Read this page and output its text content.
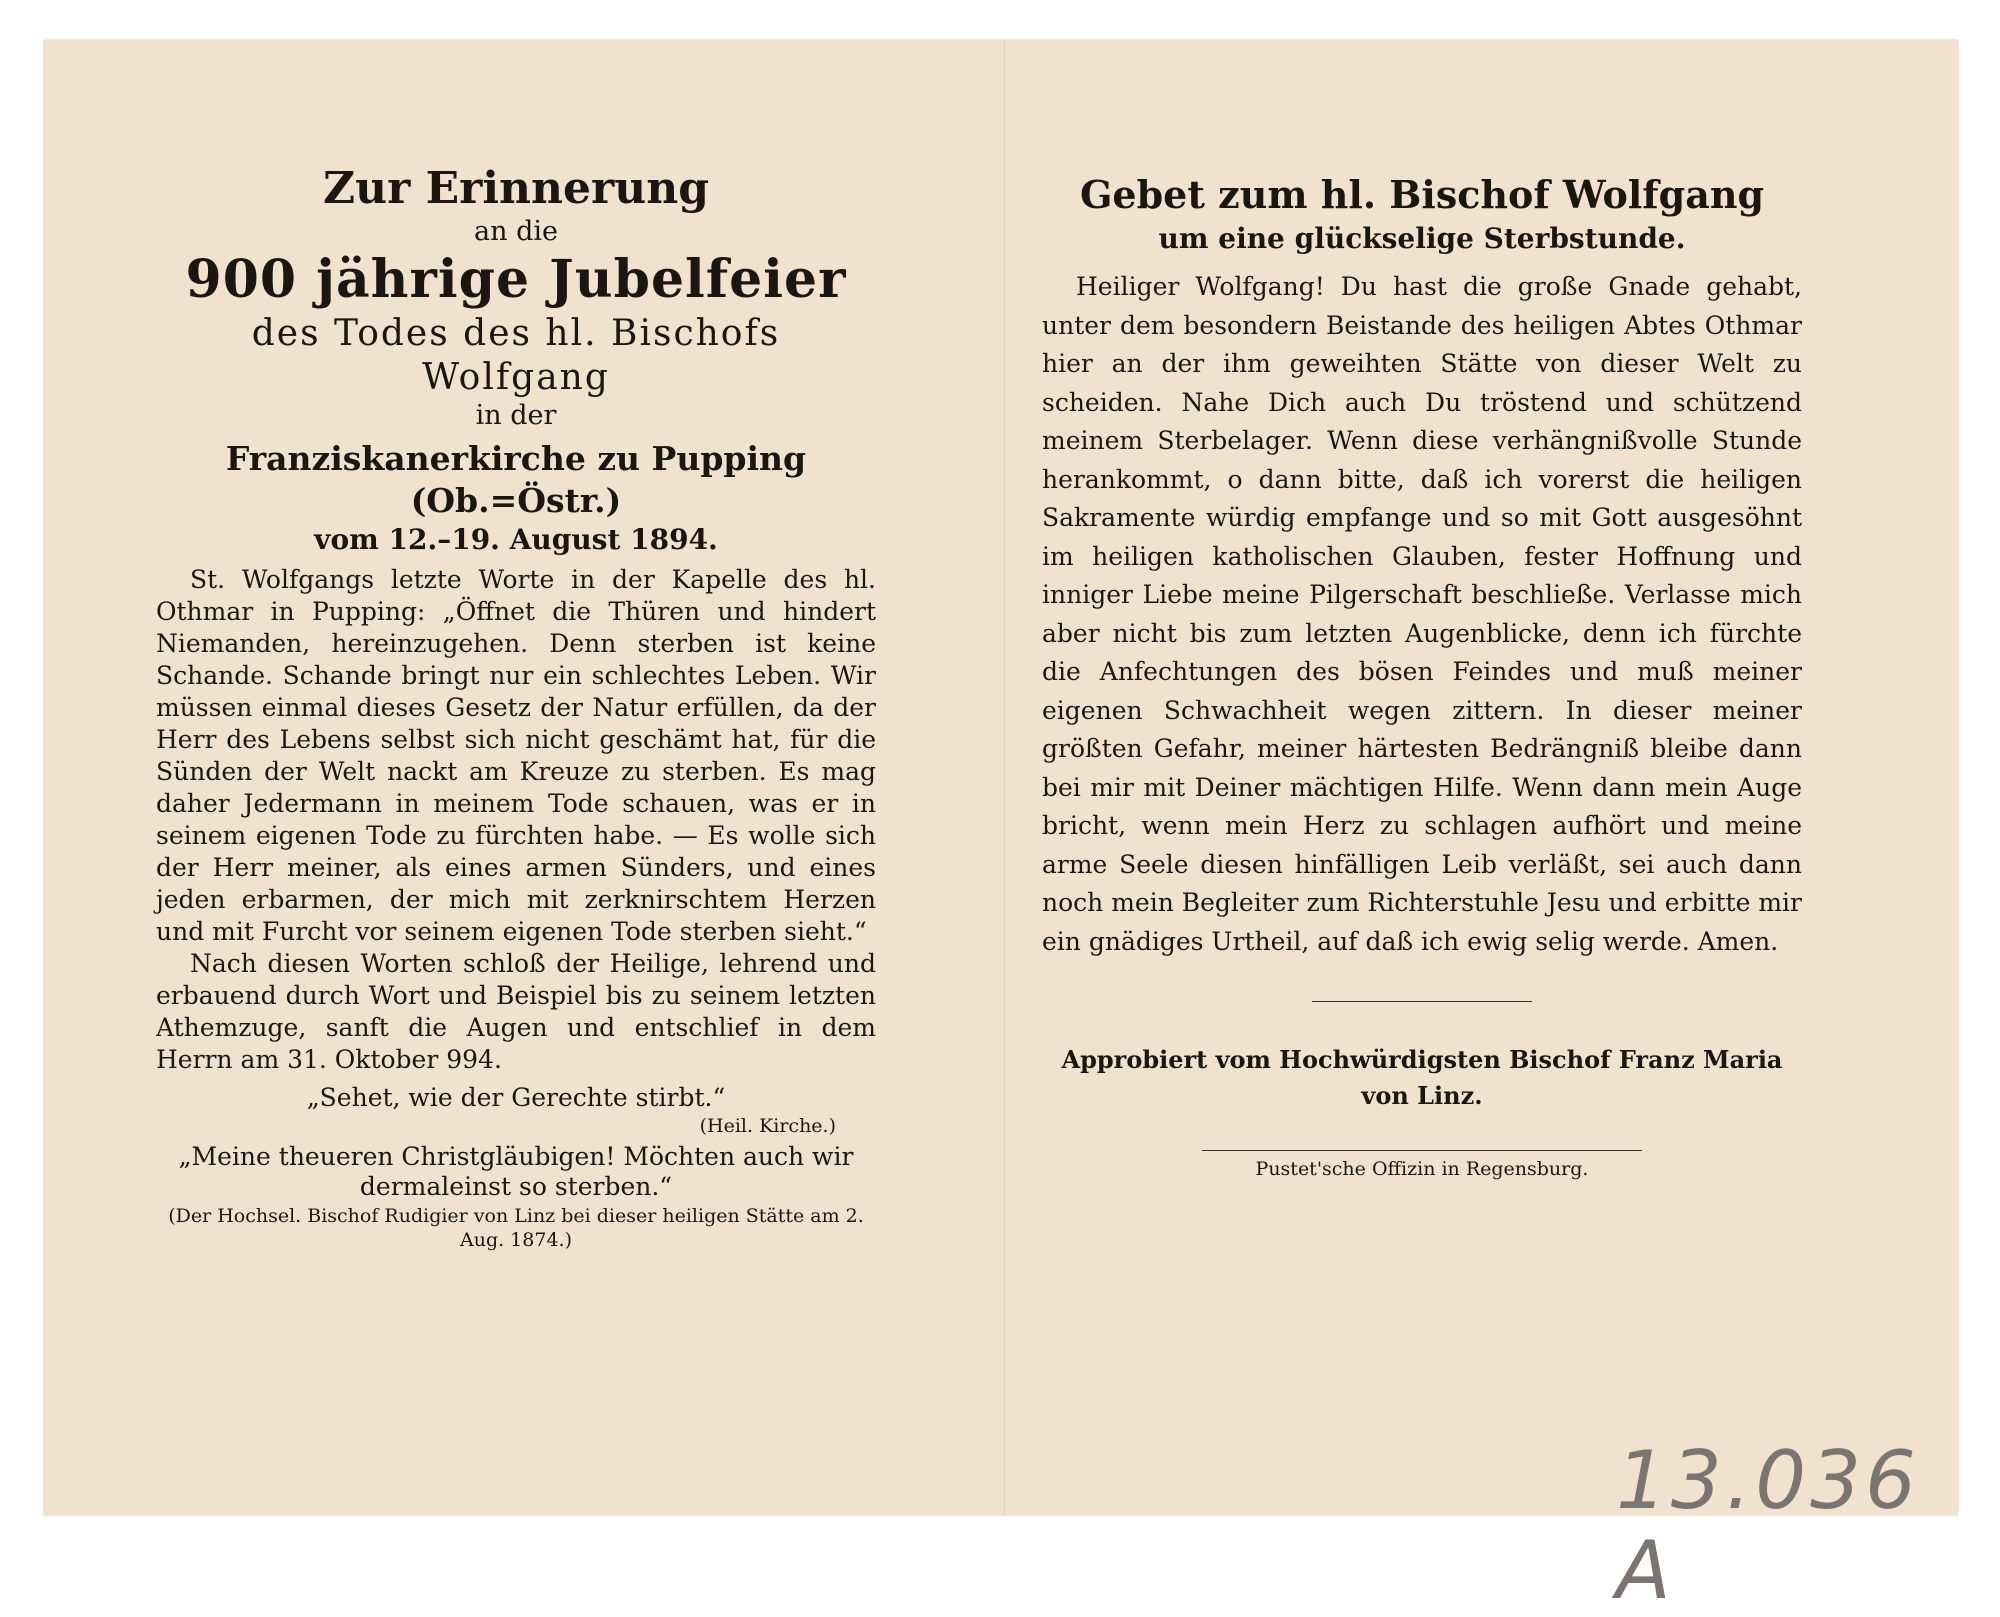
Zur Erinnerung

an die

900 jährige Jubelfeier

des Todes des hl. Bischofs Wolfgang

in der

Franziskanerkirche zu Pupping (Ob.=Östr.)

vom 12.–19. August 1894.

St. Wolfgangs letzte Worte in der Kapelle des hl. Othmar in Pupping: „Öffnet die Thüren und hindert Niemanden, hereinzugehen. Denn sterben ist keine Schande. Schande bringt nur ein schlechtes Leben. Wir müssen einmal dieses Gesetz der Natur erfüllen, da der Herr des Lebens selbst sich nicht geschämt hat, für die Sünden der Welt nackt am Kreuze zu sterben. Es mag daher Jedermann in meinem Tode schauen, was er in seinem eigenen Tode zu fürchten habe. — Es wolle sich der Herr meiner, als eines armen Sünders, und eines jeden erbarmen, der mich mit zerknirschtem Herzen und mit Furcht vor seinem eigenen Tode sterben sieht.“

Nach diesen Worten schloß der Heilige, lehrend und erbauend durch Wort und Beispiel bis zu seinem letzten Athemzuge, sanft die Augen und entschlief in dem Herrn am 31. Oktober 994.

„Sehet, wie der Gerechte stirbt.“

(Heil. Kirche.)

„Meine theueren Christgläubigen! Möchten auch wir dermaleinst so sterben.“

(Der Hochsel. Bischof Rudigier von Linz bei dieser heiligen Stätte am 2. Aug. 1874.)

Gebet zum hl. Bischof Wolfgang

um eine glückselige Sterbstunde.

Heiliger Wolfgang! Du hast die große Gnade gehabt, unter dem besondern Beistande des heiligen Abtes Othmar hier an der ihm geweihten Stätte von dieser Welt zu scheiden. Nahe Dich auch Du tröstend und schützend meinem Sterbelager. Wenn diese verhängnißvolle Stunde herankommt, o dann bitte, daß ich vorerst die heiligen Sakramente würdig empfange und so mit Gott ausgesöhnt im heiligen katholischen Glauben, fester Hoffnung und inniger Liebe meine Pilgerschaft beschließe. Verlasse mich aber nicht bis zum letzten Augenblicke, denn ich fürchte die Anfechtungen des bösen Feindes und muß meiner eigenen Schwachheit wegen zittern. In dieser meiner größten Gefahr, meiner härtesten Bedrängniß bleibe dann bei mir mit Deiner mächtigen Hilfe. Wenn dann mein Auge bricht, wenn mein Herz zu schlagen aufhört und meine arme Seele diesen hinfälligen Leib verläßt, sei auch dann noch mein Begleiter zum Richterstuhle Jesu und erbitte mir ein gnädiges Urtheil, auf daß ich ewig selig werde. Amen.

Approbiert vom Hochwürdigsten Bischof Franz Maria von Linz.

Pustet'sche Offizin in Regensburg.

13.036 A
